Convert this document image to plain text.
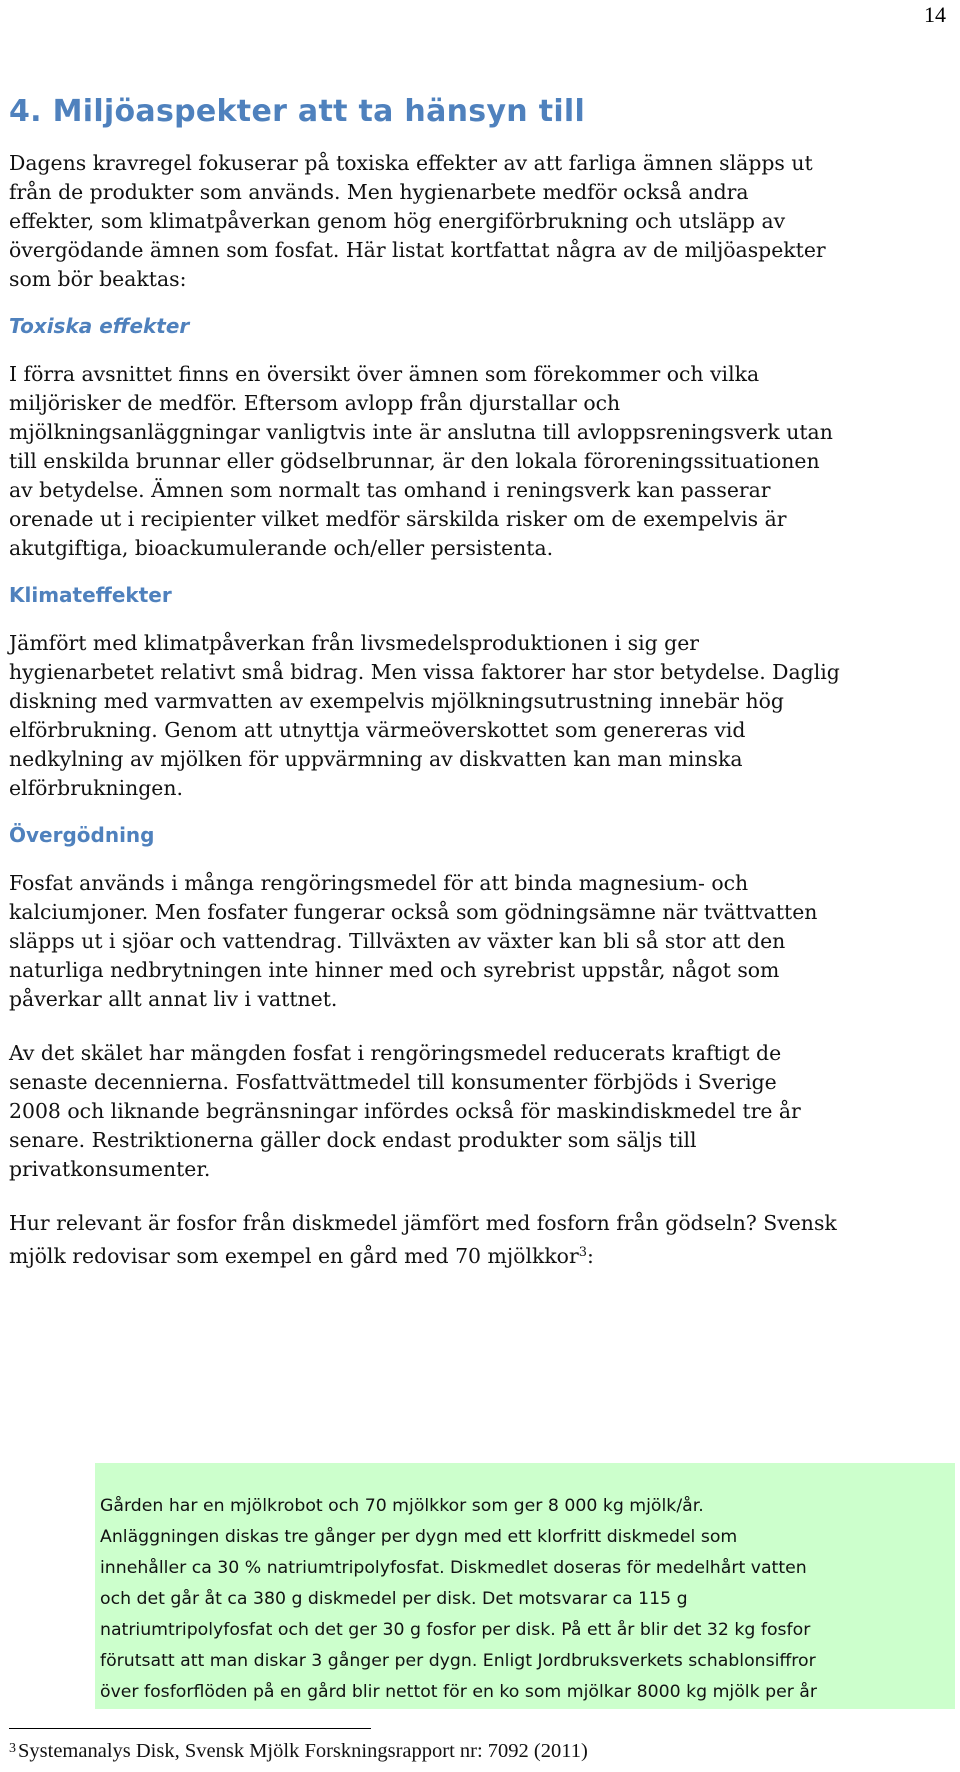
14
4. Miljöaspekter att ta hänsyn till

Dagens kravregel fokuserar på toxiska effekter av att farliga ämnen släpps ut
från de produkter som används. Men hygienarbete medför också andra
effekter, som klimatpåverkan genom hög energiförbrukning och utsläpp av
övergödande ämnen som fosfat. Här listat kortfattat några av de miljöaspekter
som bör beaktas:

Toxiska effekter

I förra avsnittet finns en översikt över ämnen som förekommer och vilka
miljörisker de medför. Eftersom avlopp från djurstallar och
mjölkningsanläggningar vanligtvis inte är anslutna till avloppsreningsverk utan
till enskilda brunnar eller gödselbrunnar, är den lokala föroreningssituationen
av betydelse. Ämnen som normalt tas omhand i reningsverk kan passerar
orenade ut i recipienter vilket medför särskilda risker om de exempelvis är
akutgiftiga, bioackumulerande och/eller persistenta.

Klimateffekter

Jämfört med klimatpåverkan från livsmedelsproduktionen i sig ger
hygienarbetet relativt små bidrag. Men vissa faktorer har stor betydelse. Daglig
diskning med varmvatten av exempelvis mjölkningsutrustning innebär hög
elförbrukning. Genom att utnyttja värmeöverskottet som genereras vid
nedkylning av mjölken för uppvärmning av diskvatten kan man minska
elförbrukningen.

Övergödning

Fosfat används i många rengöringsmedel för att binda magnesium- och
kalciumjoner. Men fosfater fungerar också som gödningsämne när tvättvatten
släpps ut i sjöar och vattendrag. Tillväxten av växter kan bli så stor att den
naturliga nedbrytningen inte hinner med och syrebrist uppstår, något som
påverkar allt annat liv i vattnet.

Av det skälet har mängden fosfat i rengöringsmedel reducerats kraftigt de
senaste decennierna. Fosfattvättmedel till konsumenter förbjöds i Sverige
2008 och liknande begränsningar infördes också för maskindiskmedel tre år
senare. Restriktionerna gäller dock endast produkter som säljs till
privatkonsumenter.

Hur relevant är fosfor från diskmedel jämfört med fosforn från gödseln? Svensk
mjölk redovisar som exempel en gård med 70 mjölkkor$^3$:

Gården har en mjölkrobot och 70 mjölkkor som ger 8 000 kg mjölk/år.
Anläggningen diskas tre gånger per dygn med ett klorfritt diskmedel som
innehåller ca 30 % natriumtripolyfosfat. Diskmedlet doseras för medelhårt vatten
och det går åt ca 380 g diskmedel per disk. Det motsvarar ca 115 g
natriumtripolyfosfat och det ger 30 g fosfor per disk. På ett år blir det 32 kg fosfor
förutsatt att man diskar 3 gånger per dygn. Enligt Jordbruksverkets schablonsiffror
över fosforflöden på en gård blir nettot för en ko som mjölkar 8000 kg mjölk per år
$^3$Systemanalys Disk, Svensk Mjölk Forskningsrapport nr: 7092 (2011)
